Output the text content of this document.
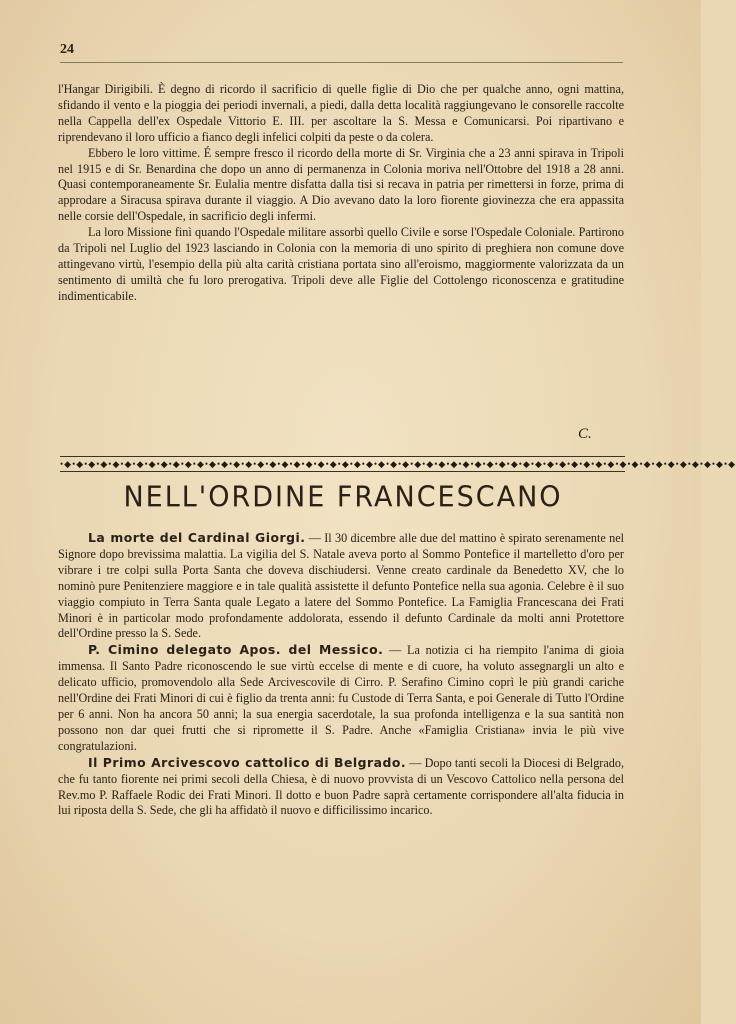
24

l'Hangar Dirigibili. È degno di ricordo il sacrificio di quelle figlie di Dio che per qualche anno, ogni mattina, sfidando il vento e la pioggia dei periodi invernali, a piedi, dalla detta località raggiungevano le consorelle raccolte nella Cappella dell'ex Ospedale Vittorio E. III. per ascoltare la S. Messa e Comunicarsi. Poi ripartivano e riprendevano il loro ufficio a fianco degli infelici colpiti da peste o da colera.

Ebbero le loro vittime. É sempre fresco il ricordo della morte di Sr. Virginia che a 23 anni spirava in Tripoli nel 1915 e di Sr. Benardina che dopo un anno di permanenza in Colonia moriva nell'Ottobre del 1918 a 28 anni. Quasi contemporaneamente Sr. Eulalia mentre disfatta dalla tisi si recava in patria per rimettersi in forze, prima di approdare a Siracusa spirava durante il viaggio. A Dio avevano dato la loro fiorente giovinezza che era appassita nelle corsie dell'Ospedale, in sacrificio degli infermi.

La loro Missione finì quando l'Ospedale militare assorbì quello Civile e sorse l'Ospedale Coloniale. Partirono da Tripoli nel Luglio del 1923 lasciando in Colonia con la memoria di uno spirito di preghiera non comune dove attingevano virtù, l'esempio della più alta carità cristiana portata sino all'eroismo, maggiormente valorizzata da un sentimento di umiltà che fu loro prerogativa. Tripoli deve alle Figlie del Cottolengo riconoscenza e gratitudine indimenticabile.

C.
•◆•◆•◆•◆•◆•◆•◆•◆•◆•◆•◆•◆•◆•◆•◆•◆•◆•◆•◆•◆•◆•◆•◆•◆•◆•◆•◆•◆•◆•◆•◆•◆•◆•◆•◆•◆•◆•◆•◆•◆•◆•◆•◆•◆•◆•◆•◆•◆•◆•◆•◆•◆•◆•◆•◆•◆
NELL'ORDINE FRANCESCANO

La morte del Cardinal Giorgi. — Il 30 dicembre alle due del mattino è spirato serenamente nel Signore dopo brevissima malattia. La vigilia del S. Natale aveva porto al Sommo Pontefice il martelletto d'oro per vibrare i tre colpi sulla Porta Santa che doveva dischiudersi. Venne creato cardinale da Benedetto XV, che lo nominò pure Penitenziere maggiore e in tale qualità assistette il defunto Pontefice nella sua agonia. Celebre è il suo viaggio compiuto in Terra Santa quale Legato a latere del Sommo Pontefice. La Famiglia Francescana dei Frati Minori è in particolar modo profondamente addolorata, essendo il defunto Cardinale da molti anni Protettore dell'Ordine presso la S. Sede.

P. Cimino delegato Apos. del Messico. — La notizia ci ha riempito l'anima di gioia immensa. Il Santo Padre riconoscendo le sue virtù eccelse di mente e di cuore, ha voluto assegnargli un alto e delicato ufficio, promovendolo alla Sede Arcivescovile di Cirro. P. Serafino Cimino coprì le più grandi cariche nell'Ordine dei Frati Minori di cui è figlio da trenta anni: fu Custode di Terra Santa, e poi Generale di Tutto l'Ordine per 6 anni. Non ha ancora 50 anni; la sua energia sacerdotale, la sua profonda intelligenza e la sua santità non possono non dar quei frutti che si ripromette il S. Padre. Anche «Famiglia Cristiana» invia le più vive congratulazioni.

Il Primo Arcivescovo cattolico di Belgrado. — Dopo tanti secoli la Diocesi di Belgrado, che fu tanto fiorente nei primi secoli della Chiesa, è di nuovo provvista di un Vescovo Cattolico nella persona del Rev.mo P. Raffaele Rodic dei Frati Minori. Il dotto e buon Padre saprà certamente corrispondere all'alta fiducia in lui riposta della S. Sede, che gli ha affidatò il nuovo e difficilissimo incarico.
